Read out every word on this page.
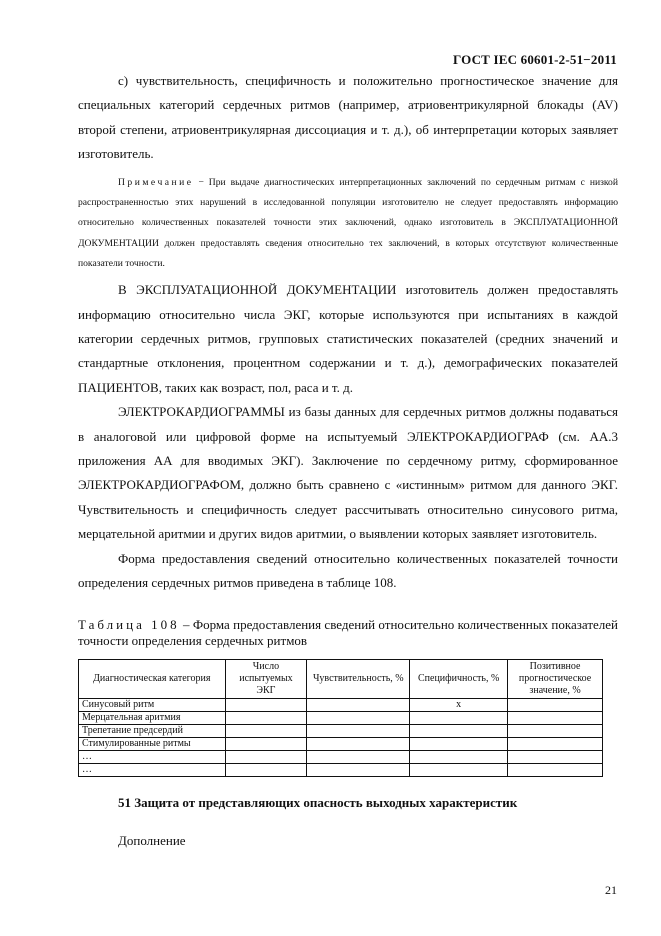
ГОСТ IEC 60601-2-51−2011

с) чувствительность, специфичность и положительно прогностическое значение для специальных категорий сердечных ритмов (например, атриовентрикулярной блокады (AV) второй степени, атриовентрикулярная диссоциация и т. д.), об интерпретации которых заявляет изготовитель.

Примечание − При выдаче диагностических интерпретационных заключений по сердечным ритмам с низкой распространенностью этих нарушений в исследованной популяции изготовителю не следует предоставлять информацию относительно количественных показателей точности этих заключений, однако изготовитель в ЭКСПЛУАТАЦИОННОЙ ДОКУМЕНТАЦИИ должен предоставлять сведения относительно тех заключений, в которых отсутствуют количественные показатели точности.

В ЭКСПЛУАТАЦИОННОЙ ДОКУМЕНТАЦИИ изготовитель должен предоставлять информацию относительно числа ЭКГ, которые используются при испытаниях в каждой категории сердечных ритмов, групповых статистических показателей (средних значений и стандартные отклонения, процентном содержании и т. д.), демографических показателей ПАЦИЕНТОВ, таких как возраст, пол, раса и т. д.

ЭЛЕКТРОКАРДИОГРАММЫ из базы данных для сердечных ритмов должны подаваться в аналоговой или цифровой форме на испытуемый ЭЛЕКТРОКАРДИОГРАФ (см. АА.3 приложения АА для вводимых ЭКГ). Заключение по сердечному ритму, сформированное ЭЛЕКТРОКАРДИОГРАФОМ, должно быть сравнено с «истинным» ритмом для данного ЭКГ. Чувствительность и специфичность следует рассчитывать относительно синусового ритма, мерцательной аритмии и других видов аритмии, о выявлении которых заявляет изготовитель.

Форма предоставления сведений относительно количественных показателей точности определения сердечных ритмов приведена в таблице 108.

Таблица 108 – Форма предоставления сведений относительно количественных показателей точности определения сердечных ритмов
Диагностическая категория	Число испытуемых ЭКГ	Чувствительность, %	Специфичность, %	Позитивное прогностическое значение, %
Синусовый ритм			x	
Мерцательная аритмия				
Трепетание предсердий				
Стимулированные ритмы				
…				
…				
51 Защита от представляющих опасность выходных характеристик
Дополнение
21
